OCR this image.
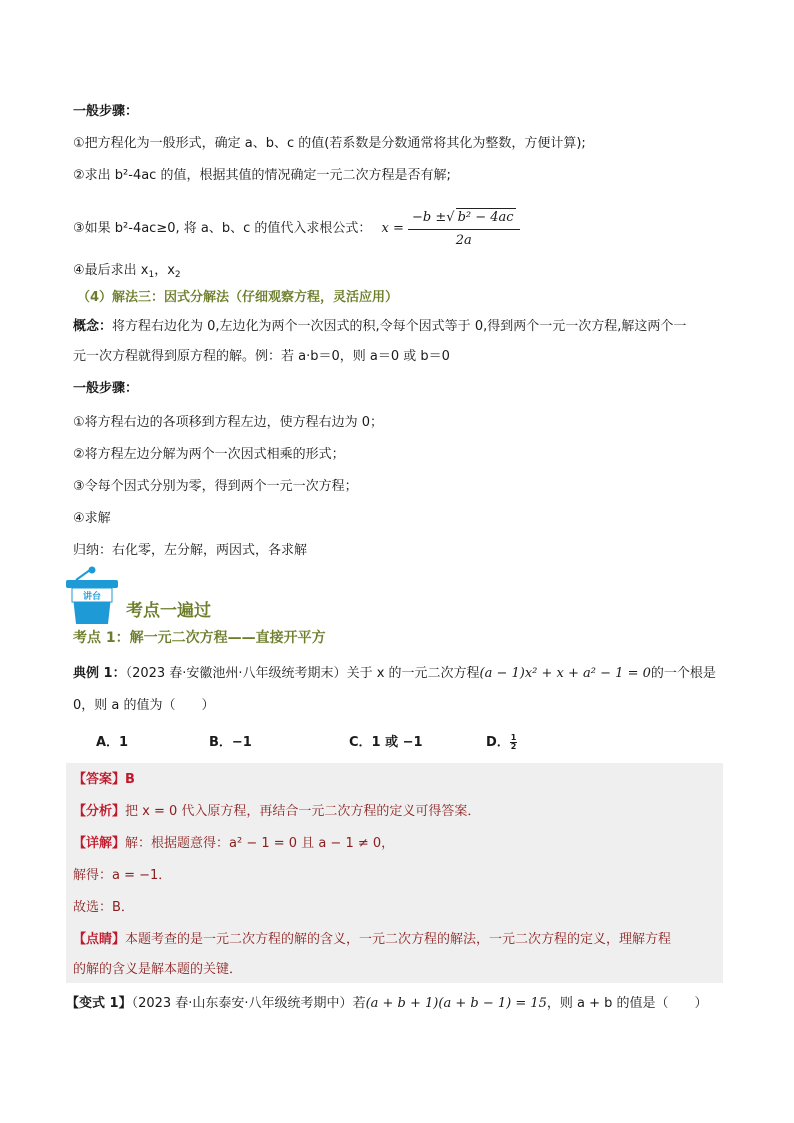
一般步骤：
①把方程化为一般形式，确定 a、b、c 的值(若系数是分数通常将其化为整数，方便计算);
②求出 b²-4ac 的值，根据其值的情况确定一元二次方程是否有解;
③如果 b²-4ac≥0, 将 a、b、c 的值代入求根公式： $x = \frac{\text{−b ±√ b² − 4ac}}{2a}$
④最后求出 $x_1$，$x_2$
（4）解法三：因式分解法（仔细观察方程，灵活应用）
概念：将方程右边化为 0,左边化为两个一次因式的积,令每个因式等于 0,得到两个一元一次方程,解这两个一
元一次方程就得到原方程的解。例：若 a·b＝0，则 a＝0 或 b＝0
一般步骤：
①将方程右边的各项移到方程左边，使方程右边为 0；
②将方程左边分解为两个一次因式相乘的形式；
③令每个因式分别为零，得到两个一元一次方程；
④求解
归纳：右化零，左分解，两因式，各求解
讲台
考点一遍过
考点 1：解一元二次方程——直接开平方
典例 1：（2023 春·安徽池州·八年级统考期末）关于 x 的一元二次方程(a − 1)x² + x + a² − 1 = 0的一个根是
0，则 a 的值为（　　）
A．1	B．−1	C．1 或 −1	D． $\frac{1}{2}$
【答案】B
【分析】把 x = 0 代入原方程，再结合一元二次方程的定义可得答案．
【详解】解：根据题意得：a² − 1 = 0 且 a − 1 ≠ 0，
解得：a = −1．
故选：B．
【点睛】本题考查的是一元二次方程的解的含义，一元二次方程的解法，一元二次方程的定义，理解方程
的解的含义是解本题的关键．
【变式 1】（2023 春·山东泰安·八年级统考期中）若(a + b + 1)(a + b − 1) = 15，则 a + b 的值是（　　）
